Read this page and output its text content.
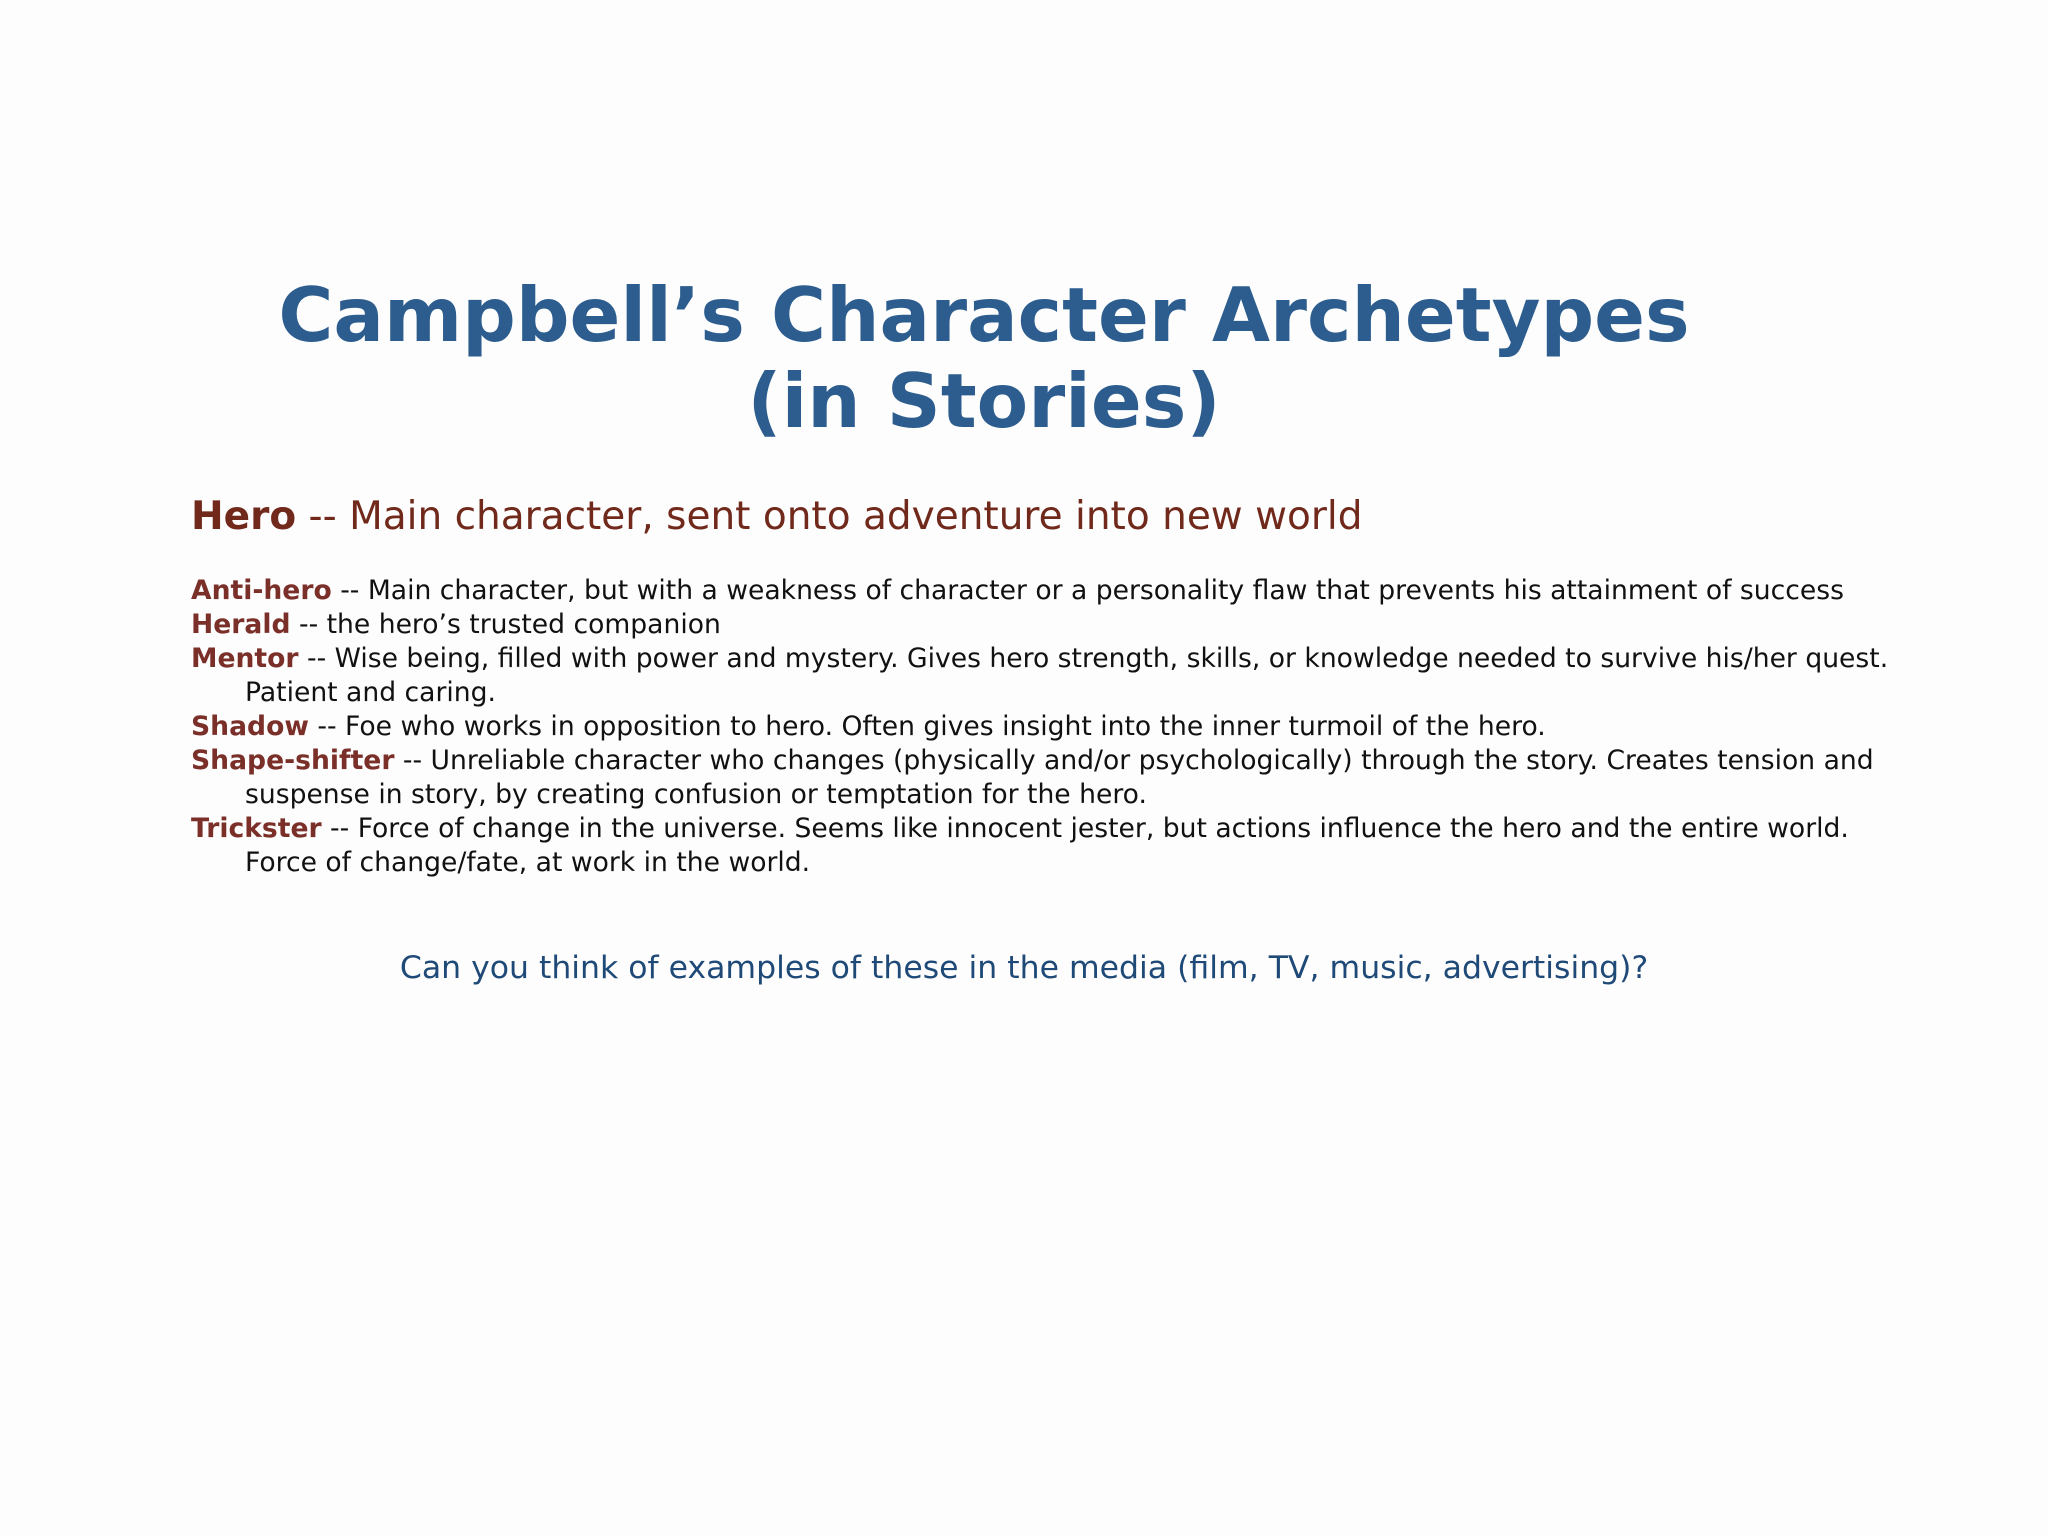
Campbell’s Character Archetypes
(in Stories)
Hero -- Main character, sent onto adventure into new world
Anti-hero -- Main character, but with a weakness of character or a personality flaw that prevents his attainment of success
Herald -- the hero’s trusted companion
Mentor -- Wise being, filled with power and mystery. Gives hero strength, skills, or knowledge needed to survive his/her quest. Patient and caring.
Shadow -- Foe who works in opposition to hero. Often gives insight into the inner turmoil of the hero.
Shape-shifter -- Unreliable character who changes (physically and/or psychologically) through the story. Creates tension and suspense in story, by creating confusion or temptation for the hero.
Trickster -- Force of change in the universe. Seems like innocent jester, but actions influence the hero and the entire world. Force of change/fate, at work in the world.
Can you think of examples of these in the media (film, TV, music, advertising)?
